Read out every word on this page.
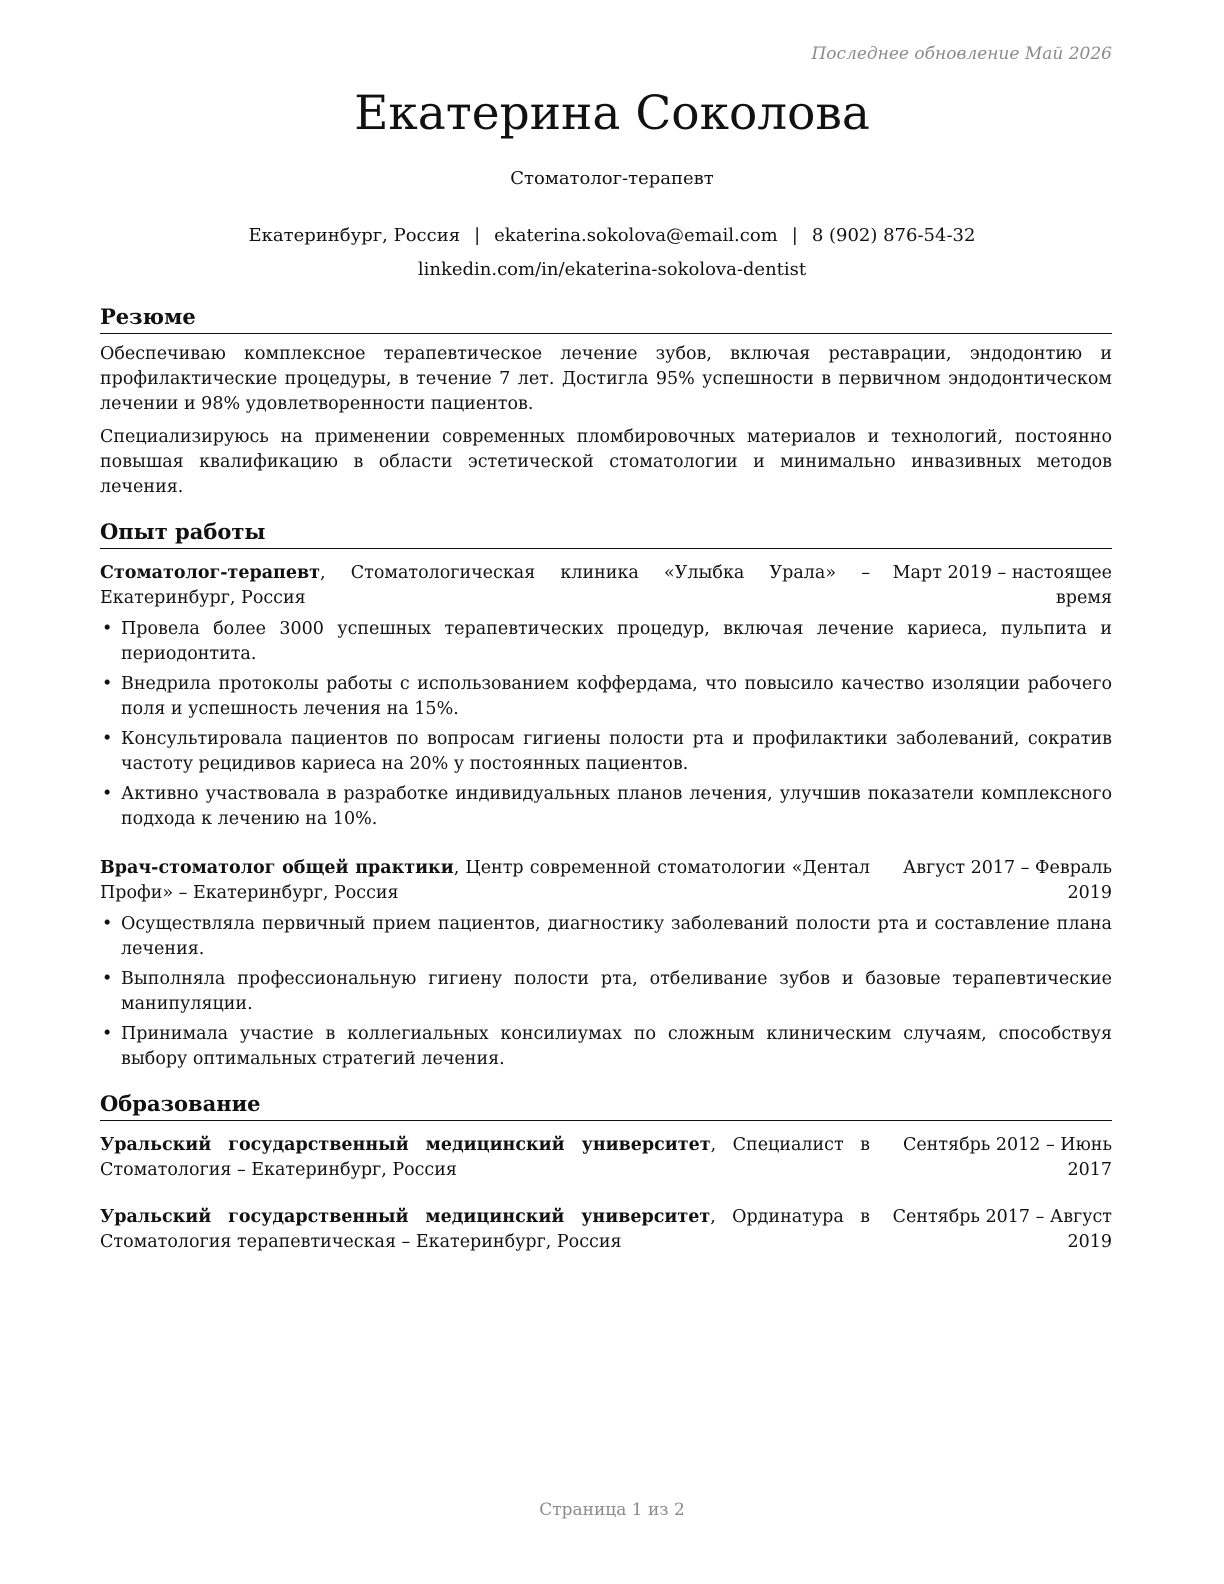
Последнее обновление Май 2026
Екатерина Соколова
Стоматолог-терапевт
Екатеринбург, Россия | ekaterina.sokolova@email.com | 8 (902) 876-54-32
linkedin.com/in/ekaterina-sokolova-dentist
Резюме

Обеспечиваю комплексное терапевтическое лечение зубов, включая реставрации, эндодонтию и профилактические процедуры, в течение 7 лет. Достигла 95% успешности в первичном эндодонтическом лечении и 98% удовлетворенности пациентов.

Специализируюсь на применении современных пломбировочных материалов и технологий, постоянно повышая квалификацию в области эстетической стоматологии и минимально инвазивных методов лечения.

Опыт работы
Стоматолог-терапевт, Стоматологическая клиника «Улыбка Урала» – Екатеринбург, Россия
Март 2019 – настоящее время
• Провела более 3000 успешных терапевтических процедур, включая лечение кариеса, пульпита и периодонтита.
• Внедрила протоколы работы с использованием коффердама, что повысило качество изоляции рабочего поля и успешность лечения на 15%.
• Консультировала пациентов по вопросам гигиены полости рта и профилактики заболеваний, сократив частоту рецидивов кариеса на 20% у постоянных пациентов.
• Активно участвовала в разработке индивидуальных планов лечения, улучшив показатели комплексного подхода к лечению на 10%.
Врач-стоматолог общей практики, Центр современной стоматологии «Дентал Профи» – Екатеринбург, Россия
Август 2017 – Февраль 2019
• Осуществляла первичный прием пациентов, диагностику заболеваний полости рта и составление плана лечения.
• Выполняла профессиональную гигиену полости рта, отбеливание зубов и базовые терапевтические манипуляции.
• Принимала участие в коллегиальных консилиумах по сложным клиническим случаям, способствуя выбору оптимальных стратегий лечения.
Образование
Уральский государственный медицинский университет, Специалист в Стоматология – Екатеринбург, Россия
Сентябрь 2012 – Июнь 2017
Уральский государственный медицинский университет, Ординатура в Стоматология терапевтическая – Екатеринбург, Россия
Сентябрь 2017 – Август 2019
Страница 1 из 2
